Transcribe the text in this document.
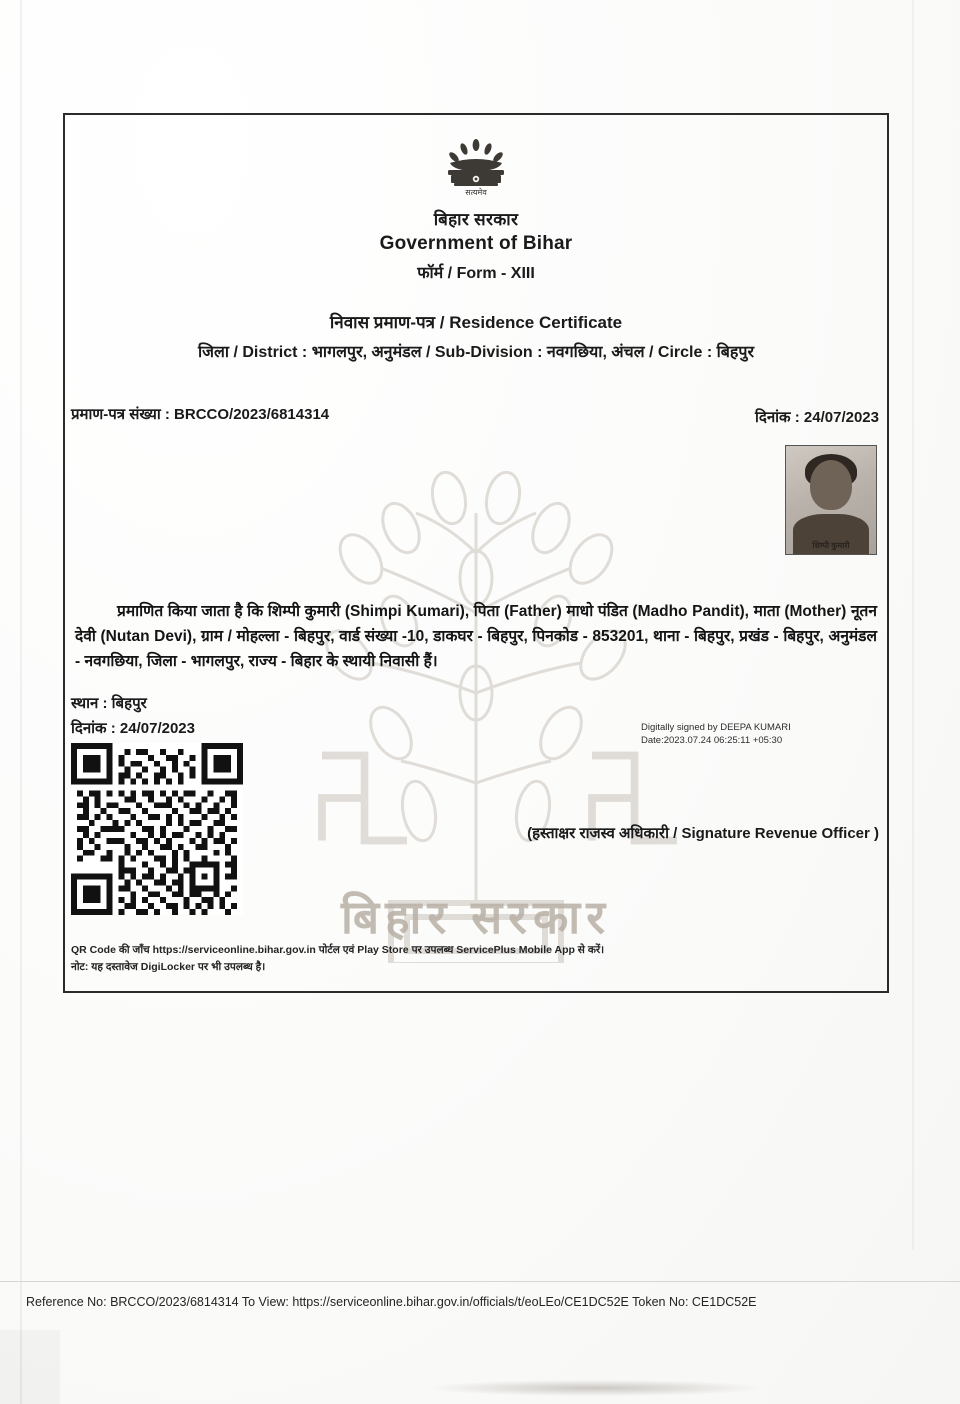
सत्यमेव
बिहार सरकार
Government of Bihar
फॉर्म / Form - XIII
निवास प्रमाण-पत्र / Residence Certificate
जिला / District : भागलपुर, अनुमंडल / Sub-Division : नवगछिया, अंचल / Circle : बिहपुर
प्रमाण-पत्र संख्या : BRCCO/2023/6814314	दिनांक : 24/07/2023
बिहार सरकार
शिम्पी कुमारी
प्रमाणित किया जाता है कि शिम्पी कुमारी (Shimpi Kumari), पिता (Father) माधो पंडित (Madho Pandit), माता (Mother) नूतन देवी (Nutan Devi), ग्राम / मोहल्ला - बिहपुर, वार्ड संख्या -10, डाकघर - बिहपुर, पिनकोड - 853201, थाना - बिहपुर, प्रखंड - बिहपुर, अनुमंडल - नवगछिया, जिला - भागलपुर, राज्य - बिहार के स्थायी निवासी हैं।
स्थान : बिहपुर
दिनांक : 24/07/2023	Digitally signed by DEEPA KUMARI
Date:2023.07.24 06:25:11 +05:30
(हस्ताक्षर राजस्व अधिकारी / Signature Revenue Officer )
QR Code की जाँच https://serviceonline.bihar.gov.in पोर्टल एवं Play Store पर उपलब्ध ServicePlus Mobile App से करें।
नोट: यह दस्तावेज DigiLocker पर भी उपलब्ध है।
Reference No: BRCCO/2023/6814314 To View: https://serviceonline.bihar.gov.in/officials/t/eoLEo/CE1DC52E Token No: CE1DC52E
